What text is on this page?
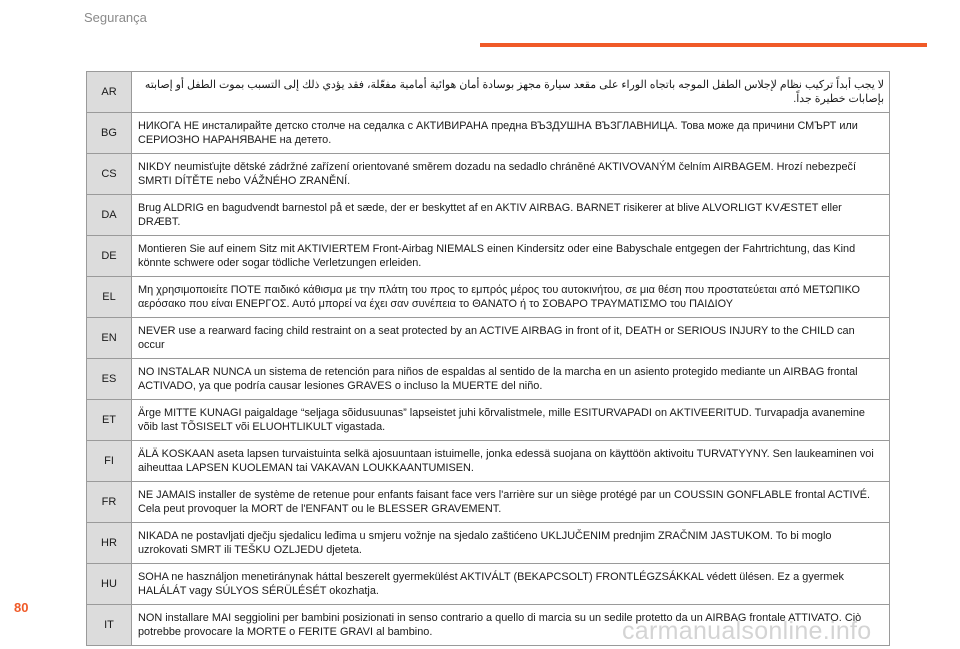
Segurança
AR	لا يجب أبداً تركيب نظام لإجلاس الطفل الموجه باتجاه الوراء على مقعد سيارة مجهز بوسادة أمان هوائية أمامية مفعّلة، فقد يؤدي ذلك إلى التسبب بموت الطفل أو إصابته بإصابات خطيرة جداً.
BG	НИКОГА НЕ инсталирайте детско столче на седалка с АКТИВИРАНА предна ВЪЗДУШНА ВЪЗГЛАВНИЦА. Това може да причини СМЪРТ или СЕРИОЗНО НАРАНЯВАНЕ на детето.
CS	NIKDY neumisťujte dětské zádržné zařízení orientované směrem dozadu na sedadlo chráněné AKTIVOVANÝM čelním AIRBAGEM. Hrozí nebezpečí SMRTI DÍTĚTE nebo VÁŽNÉHO ZRANĚNÍ.
DA	Brug ALDRIG en bagudvendt barnestol på et sæde, der er beskyttet af en AKTIV AIRBAG. BARNET risikerer at blive ALVORLIGT KVÆSTET eller DRÆBT.
DE	Montieren Sie auf einem Sitz mit AKTIVIERTEM Front-Airbag NIEMALS einen Kindersitz oder eine Babyschale entgegen der Fahrtrichtung, das Kind könnte schwere oder sogar tödliche Verletzungen erleiden.
EL	Μη χρησιμοποιείτε ΠΟΤΕ παιδικό κάθισμα με την πλάτη του προς το εμπρός μέρος του αυτοκινήτου, σε μια θέση που προστατεύεται από ΜΕΤΩΠΙΚΟ αερόσακο που είναι ΕΝΕΡΓΟΣ. Αυτό μπορεί να έχει σαν συνέπεια το ΘΑΝΑΤΟ ή το ΣΟΒΑΡΟ ΤΡΑΥΜΑΤΙΣΜΟ του ΠΑΙΔΙΟΥ
EN	NEVER use a rearward facing child restraint on a seat protected by an ACTIVE AIRBAG in front of it, DEATH or SERIOUS INJURY to the CHILD can occur
ES	NO INSTALAR NUNCA un sistema de retención para niños de espaldas al sentido de la marcha en un asiento protegido mediante un AIRBAG frontal ACTIVADO, ya que podría causar lesiones GRAVES o incluso la MUERTE del niño.
ET	Ärge MITTE KUNAGI paigaldage “seljaga sõidusuunas” lapseistet juhi kõrvalistmele, mille ESITURVAPADI on AKTIVEERITUD. Turvapadja avanemine võib last TÕSISELT või ELUOHTLIKULT vigastada.
FI	ÄLÄ KOSKAAN aseta lapsen turvaistuinta selkä ajosuuntaan istuimelle, jonka edessä suojana on käyttöön aktivoitu TURVATYYNY. Sen laukeaminen voi aiheuttaa LAPSEN KUOLEMAN tai VAKAVAN LOUKKAANTUMISEN.
FR	NE JAMAIS installer de système de retenue pour enfants faisant face vers l'arrière sur un siège protégé par un COUSSIN GONFLABLE frontal ACTIVÉ. Cela peut provoquer la MORT de l'ENFANT ou le BLESSER GRAVEMENT.
HR	NIKADA ne postavljati dječju sjedalicu leđima u smjeru vožnje na sjedalo zaštićeno UKLJUČENIM prednjim ZRAČNIM JASTUKOM. To bi moglo uzrokovati SMRT ili TEŠKU OZLJEDU djeteta.
HU	SOHA ne használjon menetiránynak háttal beszerelt gyermekülést AKTIVÁLT (BEKAPCSOLT) FRONTLÉGZSÁKKAL védett ülésen. Ez a gyermek HALÁLÁT vagy SÚLYOS SÉRÜLÉSÉT okozhatja.
IT	NON installare MAI seggiolini per bambini posizionati in senso contrario a quello di marcia su un sedile protetto da un AIRBAG frontale ATTIVATO. Ciò potrebbe provocare la MORTE o FERITE GRAVI al bambino.
80
carmanualsonline.info
